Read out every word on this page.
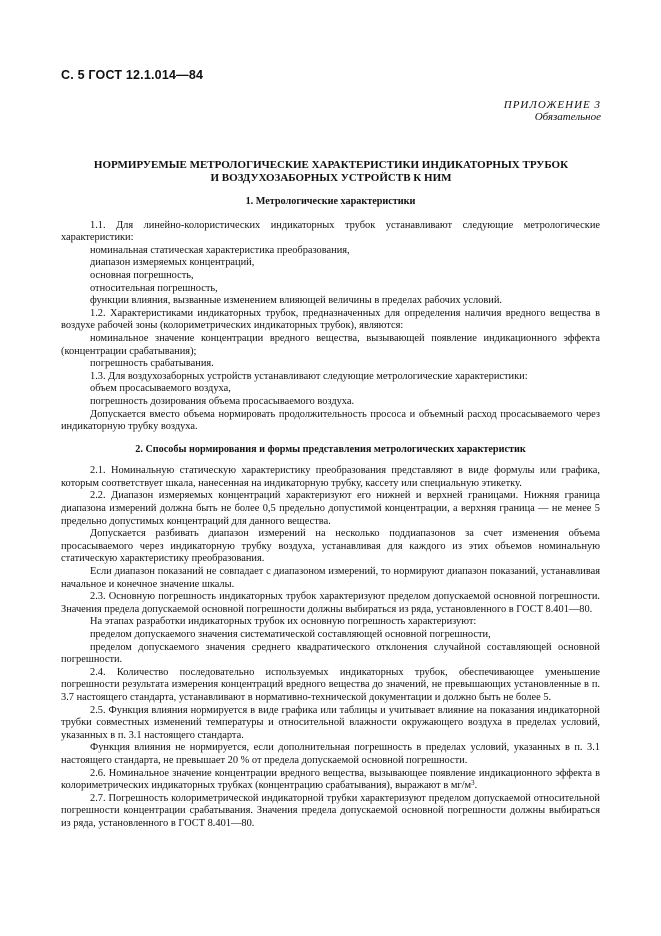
С. 5 ГОСТ 12.1.014—84
ПРИЛОЖЕНИЕ 3
Обязательное
НОРМИРУЕМЫЕ МЕТРОЛОГИЧЕСКИЕ ХАРАКТЕРИСТИКИ ИНДИКАТОРНЫХ ТРУБОК
И ВОЗДУХОЗАБОРНЫХ УСТРОЙСТВ К НИМ
1. Метрологические характеристики

1.1. Для линейно-колористических индикаторных трубок устанавливают следующие метрологические характеристики:

номинальная статическая характеристика преобразования,

диапазон измеряемых концентраций,

основная погрешность,

относительная погрешность,

функции влияния, вызванные изменением влияющей величины в пределах рабочих условий.

1.2. Характеристиками индикаторных трубок, предназначенных для определения наличия вредного вещества в воздухе рабочей зоны (колориметрических индикаторных трубок), являются:

номинальное значение концентрации вредного вещества, вызывающей появление индикационного эффекта (концентрации срабатывания);

погрешность срабатывания.

1.3. Для воздухозаборных устройств устанавливают следующие метрологические характеристики:

объем просасываемого воздуха,

погрешность дозирования объема просасываемого воздуха.

Допускается вместо объема нормировать продолжительность прососа и объемный расход просасываемого через индикаторную трубку воздуха.

2. Способы нормирования и формы представления метрологических характеристик

2.1. Номинальную статическую характеристику преобразования представляют в виде формулы или графика, которым соответствует шкала, нанесенная на индикаторную трубку, кассету или специальную этикетку.

2.2. Диапазон измеряемых концентраций характеризуют его нижней и верхней границами. Нижняя граница диапазона измерений должна быть не более 0,5 предельно допустимой концентрации, а верхняя граница — не менее 5 предельно допустимых концентраций для данного вещества.

Допускается разбивать диапазон измерений на несколько поддиапазонов за счет изменения объема просасываемого через индикаторную трубку воздуха, устанавливая для каждого из этих объемов номинальную статическую характеристику преобразования.

Если диапазон показаний не совпадает с диапазоном измерений, то нормируют диапазон показаний, устанавливая начальное и конечное значение шкалы.

2.3. Основную погрешность индикаторных трубок характеризуют пределом допускаемой основной погрешности. Значения предела допускаемой основной погрешности должны выбираться из ряда, установленного в ГОСТ 8.401—80.

На этапах разработки индикаторных трубок их основную погрешность характеризуют:

пределом допускаемого значения систематической составляющей основной погрешности,

пределом допускаемого значения среднего квадратического отклонения случайной составляющей основной погрешности.

2.4. Количество последовательно используемых индикаторных трубок, обеспечивающее уменьшение погрешности результата измерения концентраций вредного вещества до значений, не превышающих установленные в п. 3.7 настоящего стандарта, устанавливают в нормативно-технической документации и должно быть не более 5.

2.5. Функция влияния нормируется в виде графика или таблицы и учитывает влияние на показания индикаторной трубки совместных изменений температуры и относительной влажности окружающего воздуха в пределах условий, указанных в п. 3.1 настоящего стандарта.

Функция влияния не нормируется, если дополнительная погрешность в пределах условий, указанных в п. 3.1 настоящего стандарта, не превышает 20 % от предела допускаемой основной погрешности.

2.6. Номинальное значение концентрации вредного вещества, вызывающее появление индикационного эффекта в колориметрических индикаторных трубках (концентрацию срабатывания), выражают в $мг/м^3$.

2.7. Погрешность колориметрической индикаторной трубки характеризуют пределом допускаемой относительной погрешности концентрации срабатывания. Значения предела допускаемой основной погрешности должны выбираться из ряда, установленного в ГОСТ 8.401—80.
